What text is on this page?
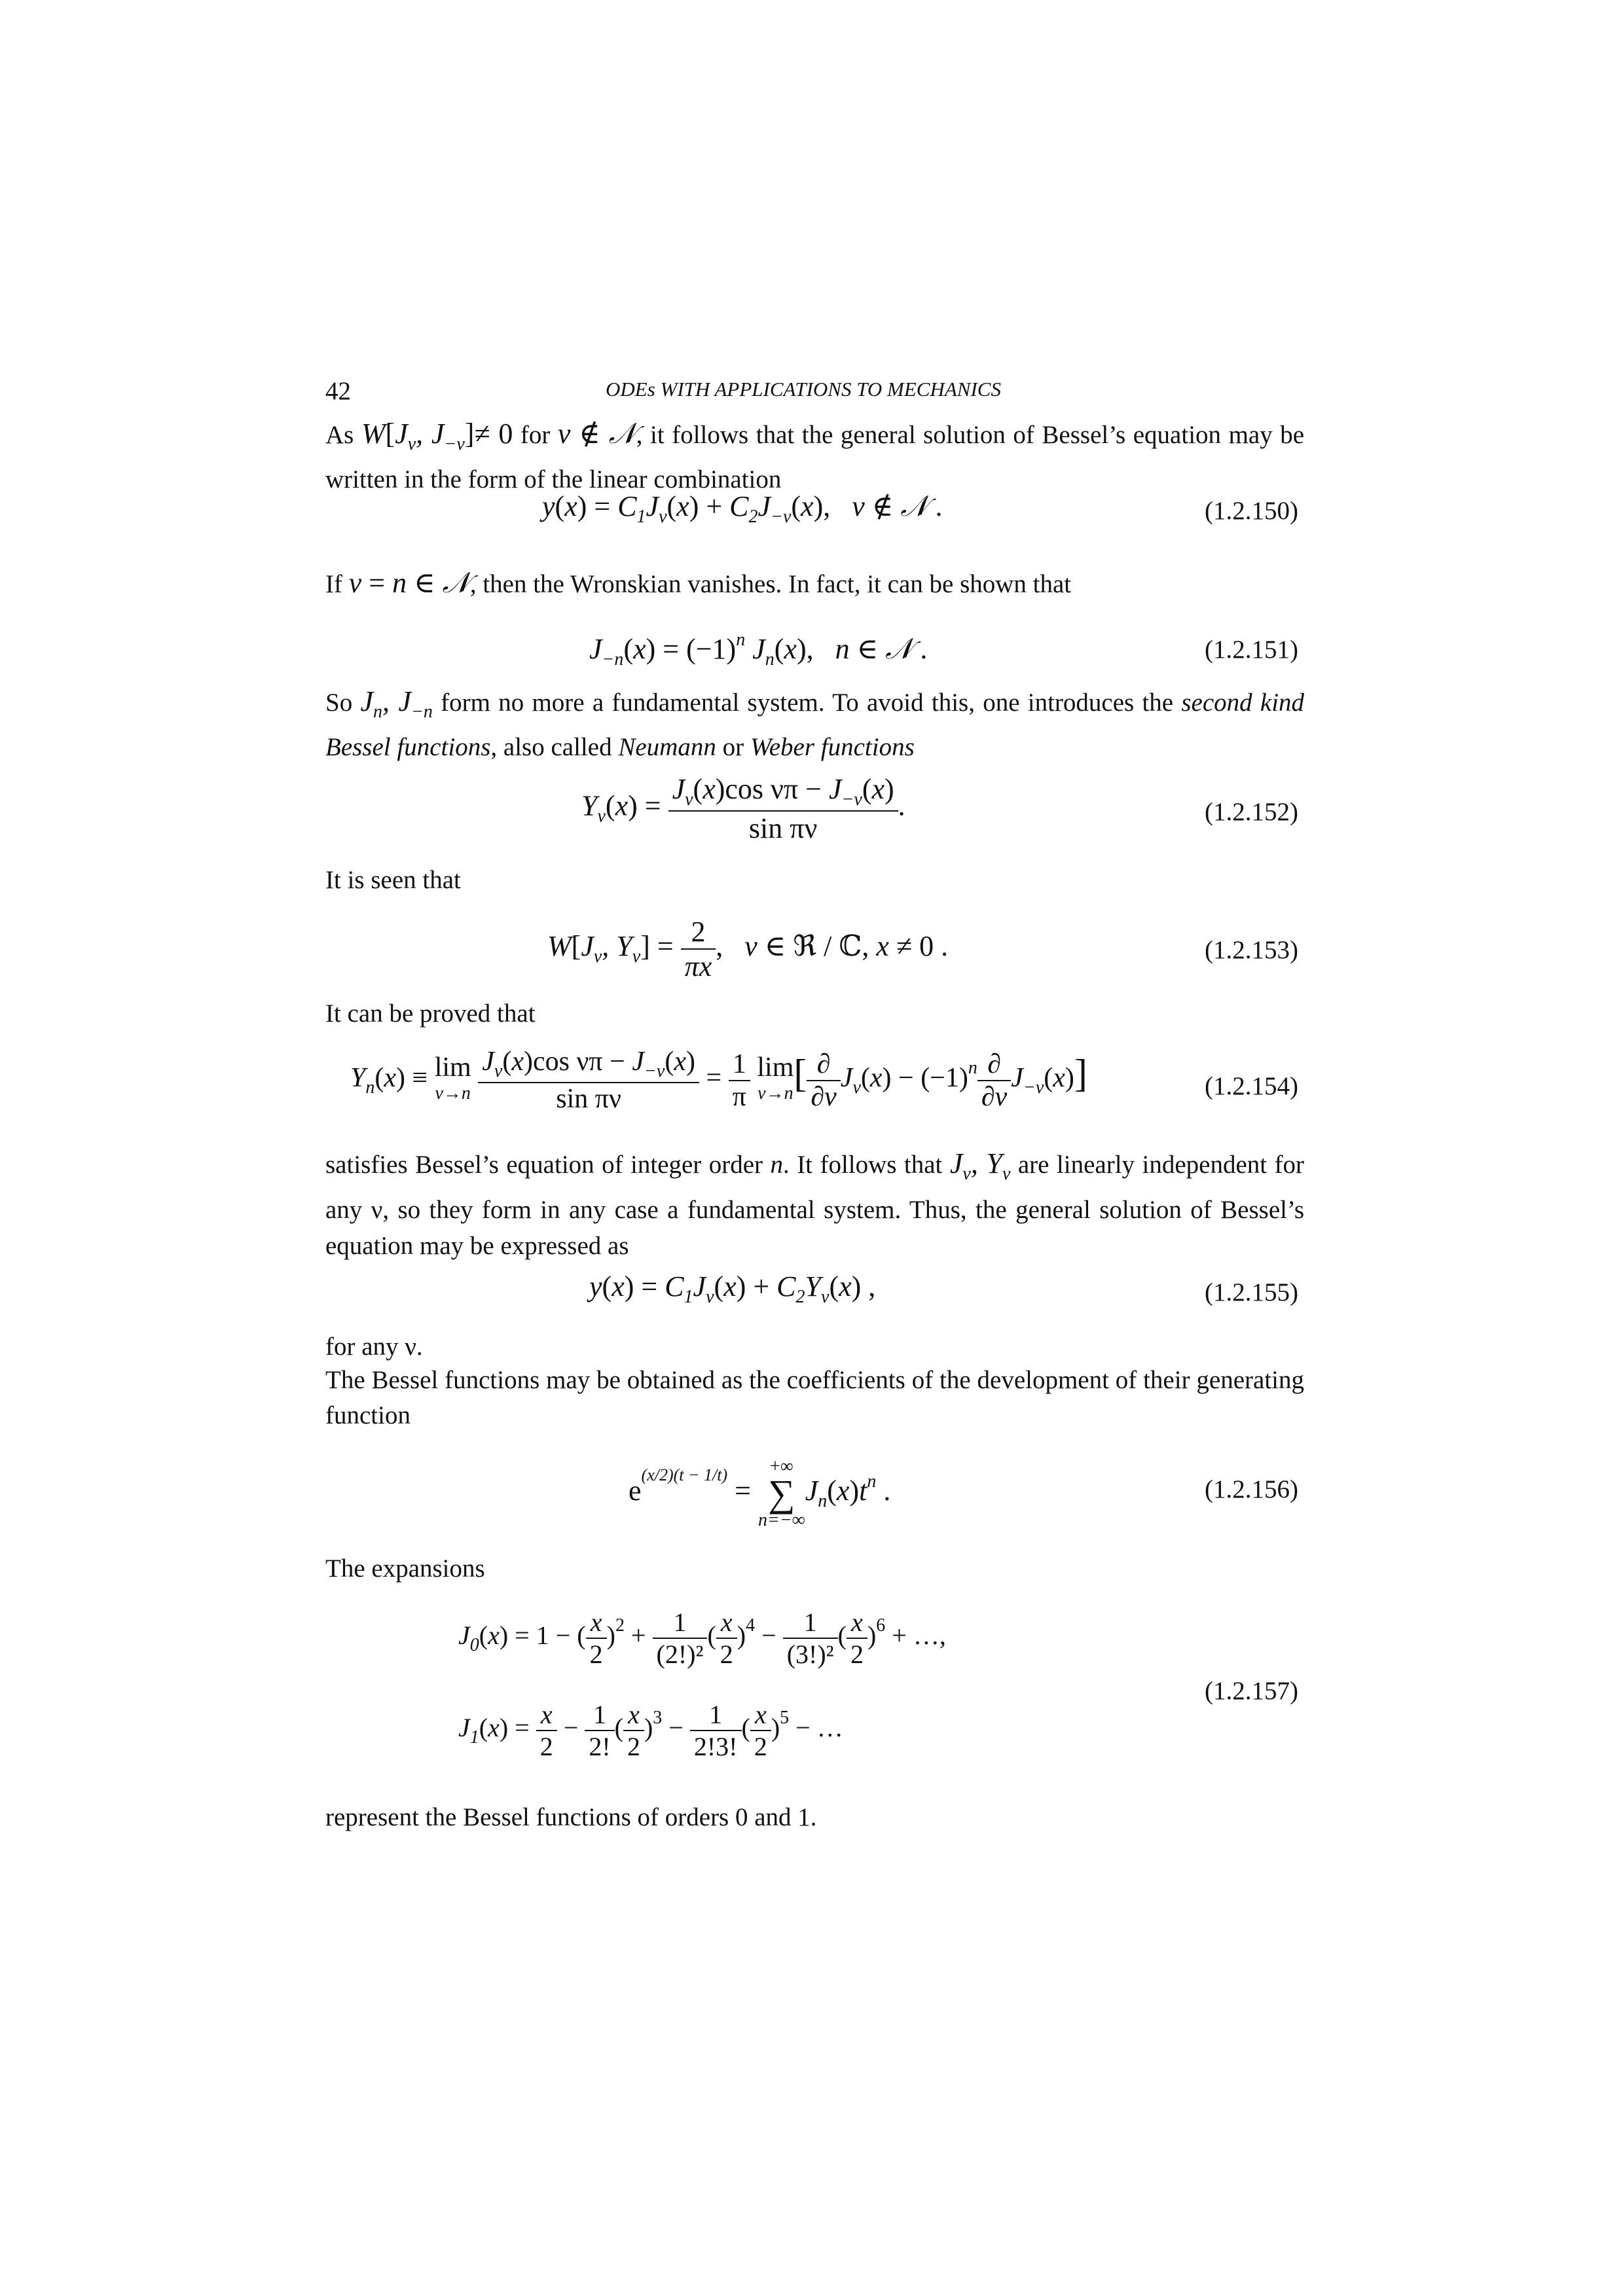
42	ODEs WITH APPLICATIONS TO MECHANICS
As $W[J_\nu$, $J_{-\nu}]\ne 0$ for ν ∉ 𝒩, it follows that the general solution of Bessel’s equation may be written in the form of the linear combination
$y(x) = C_1J_\nu(x) + C_2J_{-\nu}(x)$,   ν ∉ 𝒩 .	(1.2.150)
If ν = n ∈ 𝒩, then the Wronskian vanishes. In fact, it can be shown that
$J_{-n}(x) = (-1)^n$ $J_n(x)$,   n ∈ 𝒩 .	(1.2.151)
So $J_n$, $J_{-n}$ form no more a fundamental system. To avoid this, one introduces the second kind Bessel functions, also called Neumann or Weber functions
$Y_\nu(x) = \frac{J_\nu(x)\cos \nu\pi - J_{-\nu}(x)}{\text{sin πν}}$ .	(1.2.152)
It is seen that
$W[J_\nu$, $Y_\nu] = \frac{2}{\pi x}$ ,   ν ∈ ℜ / ℂ, x ≠ 0 .	(1.2.153)
It can be proved that
$Y_n(x) \equiv \lim$
ν→n
$\frac{J_\nu(x)\cos \nu\pi - J_{-\nu}(x)}{\text{sin πν}} = \frac{1}{\pi}$
lim
ν→n [ $\frac{\partial}{\partial\nu} J_\nu(x) - (-1)^n \frac{\partial}{\partial\nu} J_{-\nu}(x)$]	(1.2.154)
satisfies Bessel’s equation of integer order n. It follows that $J_\nu$, $Y_\nu$ are linearly independent for any ν, so they form in any case a fundamental system. Thus, the general solution of Bessel’s equation may be expressed as
$y(x) = C_1J_\nu(x) + C_2Y_\nu(x)$ ,	(1.2.155)
for any ν.
The Bessel functions may be obtained as the coefficients of the development of their generating function
$e^{(x/2)(t - 1/t)}$ =
+∞
∑
n=−∞
$J_n(x)t^n$ .	(1.2.156)
The expansions
$J_0(x) = 1$ − ( $\frac{x}{2} )^2 + \frac{1}{\text{(2!)²}}$ ( $\frac{x}{2} )^4 - \frac{1}{\text{(3!)²}}$ ( $\frac{x}{2} )^6$ + …,
$J_1(x) = \frac{x}{2} - \frac{1}{2!}$ ( $\frac{x}{2} )^3 - \frac{1}{2!3!}$ ( $\frac{x}{2} )^5$ − …
(1.2.157)
represent the Bessel functions of orders 0 and 1.
